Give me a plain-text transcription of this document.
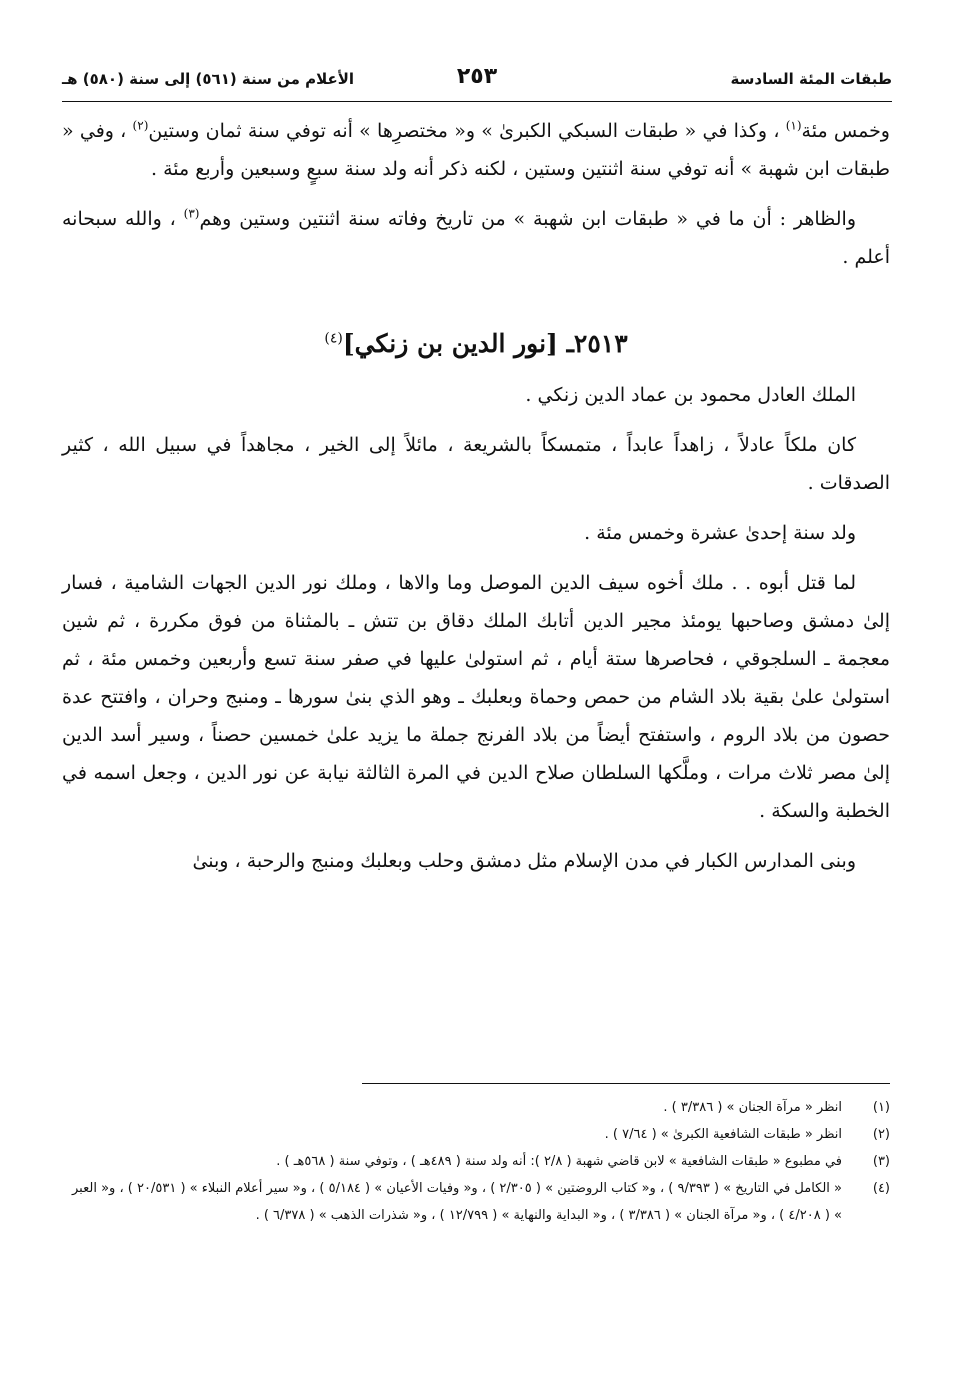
طبقات المئة السادسة
٢٥٣
الأعلام من سنة (٥٦١) إلى سنة (٥٨٠) هـ

وخمس مئة$^{(١)}$ ، وكذا في « طبقات السبكي الكبرىٰ » و« مختصرِها » أنه توفي سنة ثمان وستين$^{(٢)}$ ، وفي « طبقات ابن شهبة » أنه توفي سنة اثنتين وستين ، لكنه ذكر أنه ولد سنة سبعٍ وسبعين وأربع مئة .

والظاهر : أن ما في « طبقات ابن شهبة » من تاريخ وفاته سنة اثنتين وستين وهم$^{(٣)}$ ، والله سبحانه أعلم .

٢٥١٣ـ [نور الدين بن زنكي]$^{(٤)}$

الملك العادل محمود بن عماد الدين زنكي .

كان ملكاً عادلاً ، زاهداً عابداً ، متمسكاً بالشريعة ، مائلاً إلى الخير ، مجاهداً في سبيل الله ، كثير الصدقات .

ولد سنة إحدىٰ عشرة وخمس مئة .

لما قتل أبوه . . ملك أخوه سيف الدين الموصل وما والاها ، وملك نور الدين الجهات الشامية ، فسار إلىٰ دمشق وصاحبها يومئذ مجير الدين أتابك الملك دقاق بن تتش ـ بالمثناة من فوق مكررة ، ثم شين معجمة ـ السلجوقي ، فحاصرها ستة أيام ، ثم استولىٰ عليها في صفر سنة تسع وأربعين وخمس مئة ، ثم استولىٰ علىٰ بقية بلاد الشام من حمص وحماة وبعلبك ـ وهو الذي بنىٰ سورها ـ ومنبج وحران ، وافتتح عدة حصون من بلاد الروم ، واستفتح أيضاً من بلاد الفرنج جملة ما يزيد علىٰ خمسين حصناً ، وسير أسد الدين إلىٰ مصر ثلاث مرات ، وملَّكها السلطان صلاح الدين في المرة الثالثة نيابة عن نور الدين ، وجعل اسمه في الخطبة والسكة .

وبنى المدارس الكبار في مدن الإسلام مثل دمشق وحلب وبعلبك ومنبج والرحبة ، وبنىٰ

(١)
انظر « مرآة الجنان » ( ٣/٣٨٦ ) .
(٢)
انظر « طبقات الشافعية الكبرىٰ » ( ٧/٦٤ ) .
(٣)
في مطبوع « طبقات الشافعية » لابن قاضي شهبة ( ٢/٨ ): أنه ولد سنة ( ٤٨٩هـ ) ، وتوفي سنة ( ٥٦٨هـ ) .
(٤)
« الكامل في التاريخ » ( ٩/٣٩٣ ) ، و« كتاب الروضتين » ( ٢/٣٠٥ ) ، و« وفيات الأعيان » ( ٥/١٨٤ ) ، و« سير أعلام النبلاء » ( ٢٠/٥٣١ ) ، و« العبر » ( ٤/٢٠٨ ) ، و« مرآة الجنان » ( ٣/٣٨٦ ) ، و« البداية والنهاية » ( ١٢/٧٩٩ ) ، و« شذرات الذهب » ( ٦/٣٧٨ ) .
